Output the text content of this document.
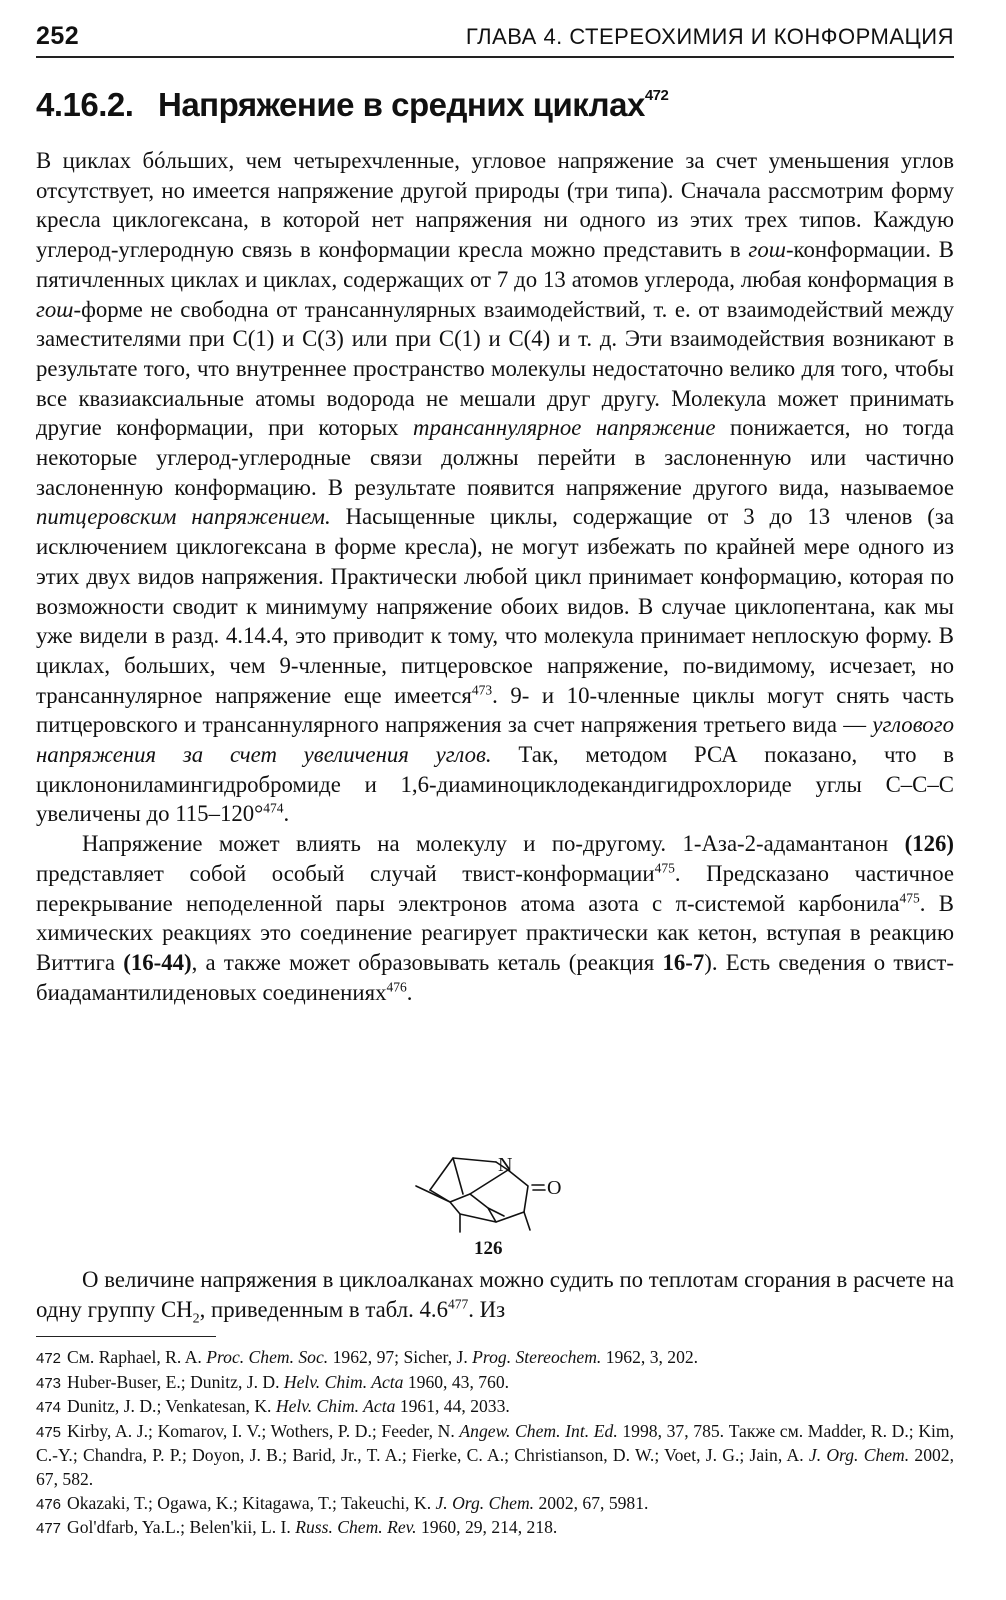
252	ГЛАВА 4. СТЕРЕОХИМИЯ И КОНФОРМАЦИЯ
4.16.2. Напряжение в средних циклах$^{472}$

В циклах бóльших, чем четырехчленные, угловое напряжение за счет уменьшения углов отсутствует, но имеется напряжение другой природы (три типа). Сначала рассмотрим форму кресла циклогексана, в которой нет напряжения ни одного из этих трех типов. Каждую углерод-углеродную связь в конформации кресла можно представить в гош-конформации. В пятичленных циклах и циклах, содержащих от 7 до 13 атомов углерода, любая конформация в гош-форме не свободна от трансаннулярных взаимодействий, т. е. от взаимодействий между заместителями при C(1) и C(3) или при C(1) и C(4) и т. д. Эти взаимодействия возникают в результате того, что внутреннее пространство молекулы недостаточно велико для того, чтобы все квазиаксиальные атомы водорода не мешали друг другу. Молекула может принимать другие конформации, при которых трансаннулярное напряжение понижается, но тогда некоторые углерод-углеродные связи должны перейти в заслоненную или частично заслоненную конформацию. В результате появится напряжение другого вида, называемое питцеровским напряжением. Насыщенные циклы, содержащие от 3 до 13 членов (за исключением циклогексана в форме кресла), не могут избежать по крайней мере одного из этих двух видов напряжения. Практически любой цикл принимает конформацию, которая по возможности сводит к минимуму напряжение обоих видов. В случае циклопентана, как мы уже видели в разд. 4.14.4, это приводит к тому, что молекула принимает неплоскую форму. В циклах, больших, чем 9-членные, питцеровское напряжение, по-видимому, исчезает, но трансаннулярное напряжение еще имеется$^{473}$. 9- и 10-членные циклы могут снять часть питцеровского и трансаннулярного напряжения за счет напряжения третьего вида — углового напряжения за счет увеличения углов. Так, методом РСА показано, что в циклонониламингидробромиде и 1,6-диаминоциклодекандигидрохлориде углы С–С–С увеличены до 115–120°$^{474}$.

Напряжение может влиять на молекулу и по-другому. 1-Аза-2-адамантанон (126) представляет собой особый случай твист-конформации$^{475}$. Предсказано частичное перекрывание неподеленной пары электронов атома азота с π-системой карбонила$^{475}$. В химических реакциях это соединение реагирует практически как кетон, вступая в реакцию Виттига (16-44), а также может образовывать кеталь (реакция 16-7). Есть сведения о твист-биадамантилиденовых соединениях$^{476}$.

N
O
126

О величине напряжения в циклоалканах можно судить по теплотам сгорания в расчете на одну группу $CH_2$, приведенным в табл. $4.6^{477}$. Из

472 См. Raphael, R. A. Proc. Chem. Soc. 1962, 97; Sicher, J. Prog. Stereochem. 1962, 3, 202.
473 Huber-Buser, E.; Dunitz, J. D. Helv. Chim. Acta 1960, 43, 760.
474 Dunitz, J. D.; Venkatesan, K. Helv. Chim. Acta 1961, 44, 2033.
475 Kirby, A. J.; Komarov, I. V.; Wothers, P. D.; Feeder, N. Angew. Chem. Int. Ed. 1998, 37, 785. Также см. Madder, R. D.; Kim, C.-Y.; Chandra, P. P.; Doyon, J. B.; Barid, Jr., T. A.; Fierke, C. A.; Christianson, D. W.; Voet, J. G.; Jain, A. J. Org. Chem. 2002, 67, 582.
476 Okazaki, T.; Ogawa, K.; Kitagawa, T.; Takeuchi, K. J. Org. Chem. 2002, 67, 5981.
477 Gol'dfarb, Ya.L.; Belen'kii, L. I. Russ. Chem. Rev. 1960, 29, 214, 218.
